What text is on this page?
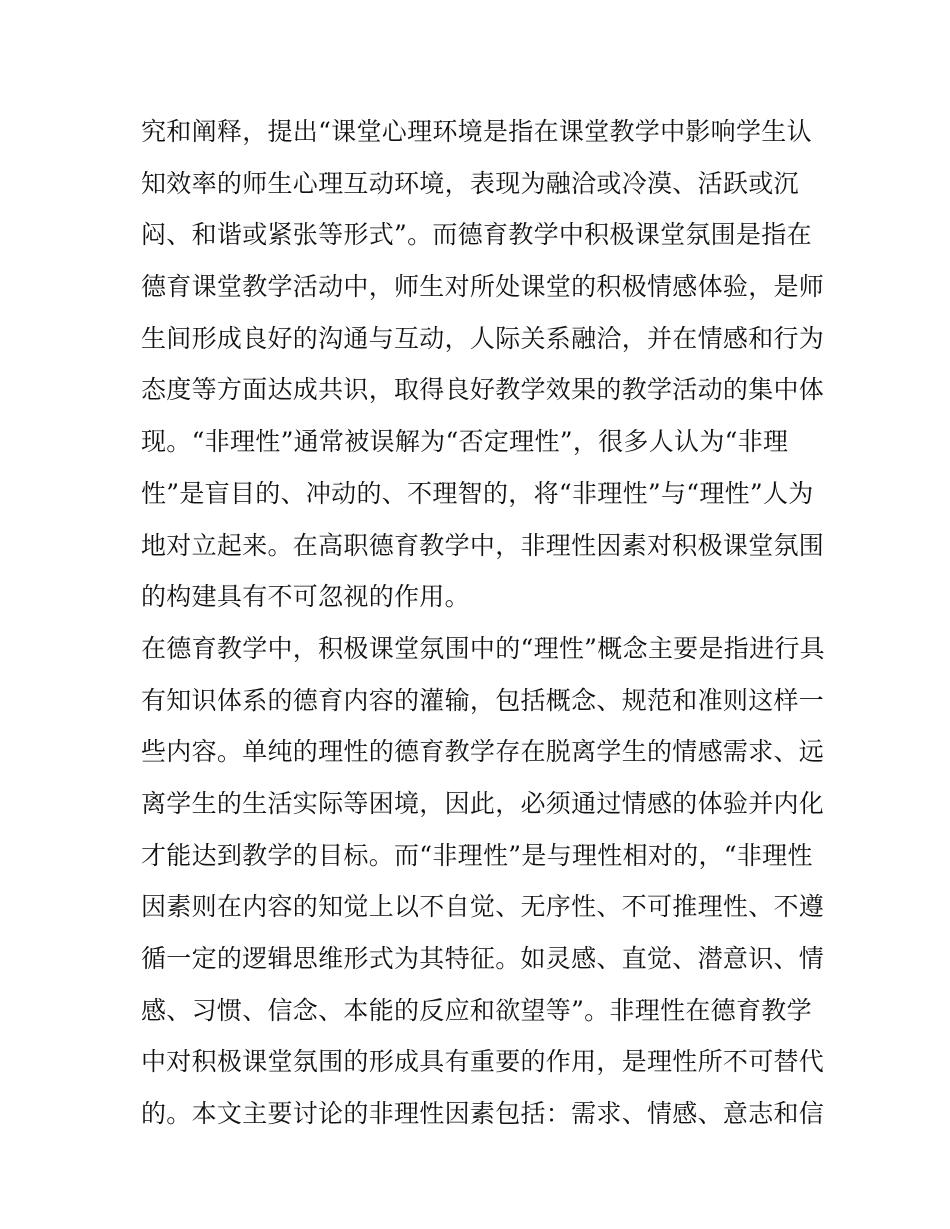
究和阐释，提出“课堂心理环境是指在课堂教学中影响学生认
知效率的师生心理互动环境，表现为融洽或冷漠、活跃或沉
闷、和谐或紧张等形式”。而德育教学中积极课堂氛围是指在
德育课堂教学活动中，师生对所处课堂的积极情感体验，是师
生间形成良好的沟通与互动，人际关系融洽，并在情感和行为
态度等方面达成共识，取得良好教学效果的教学活动的集中体
现。“非理性”通常被误解为“否定理性”，很多人认为“非理
性”是盲目的、冲动的、不理智的，将“非理性”与“理性”人为
地对立起来。在高职德育教学中，非理性因素对积极课堂氛围
的构建具有不可忽视的作用。
在德育教学中，积极课堂氛围中的“理性”概念主要是指进行具
有知识体系的德育内容的灌输，包括概念、规范和准则这样一
些内容。单纯的理性的德育教学存在脱离学生的情感需求、远
离学生的生活实际等困境，因此，必须通过情感的体验并内化
才能达到教学的目标。而“非理性”是与理性相对的，“非理性
因素则在内容的知觉上以不自觉、无序性、不可推理性、不遵
循一定的逻辑思维形式为其特征。如灵感、直觉、潜意识、情
感、习惯、信念、本能的反应和欲望等”。非理性在德育教学
中对积极课堂氛围的形成具有重要的作用，是理性所不可替代
的。本文主要讨论的非理性因素包括：需求、情感、意志和信
